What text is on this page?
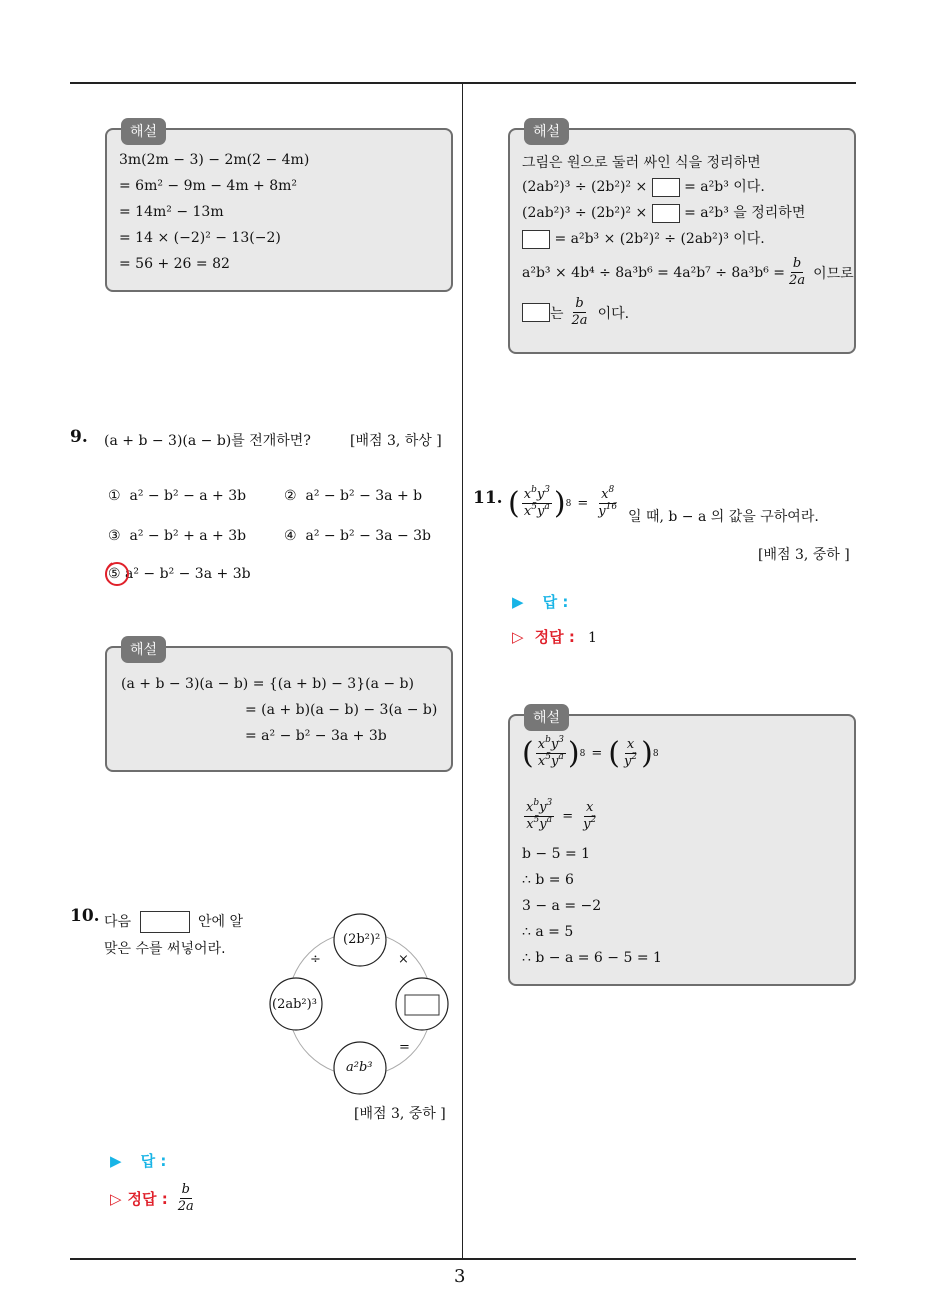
3
해설
3m(2m − 3) − 2m(2 − 4m)
= 6m² − 9m − 4m + 8m²
= 14m² − 13m
= 14 × (−2)² − 13(−2)
= 56 + 26 = 82
9. (a + b − 3)(a − b)를 전개하면?	[배점 3, 하상 ]
① a² − b² − a + 3b	② a² − b² − 3a + b
③ a² − b² + a + 3b	④ a² − b² − 3a − 3b
⑤ a² − b² − 3a + 3b
해설
(a + b − 3)(a − b) = {(a + b) − 3}(a − b)
= (a + b)(a − b) − 3(a − b)
= a² − b² − 3a + 3b
10. 다음	안에 알
맞은 수를 써넣어라.
(2b²)²
(2ab²)³
a²b³
÷	×
=
[배점 3, 중하 ]
▶ 답 :
▷ 정답 : $\frac{b}{2a}$
해설
그림은 원으로 둘러 싸인 식을 정리하면
(2ab²)³ ÷ (2b²)² ×	= a²b³ 이다.
(2ab²)³ ÷ (2b²)² ×	= a²b³ 을 정리하면
= a²b³ × (2b²)² ÷ (2ab²)³ 이다.
$a^2b^3 \times 4b^4 \div 8a^3b^6 = 4a^2b^7 \div 8a^3b^6 = \frac{b}{2a}$ 이므로
는 $\frac{b}{2a}$ 이다.
11. ( $\frac{x^by^3}{x^5y^a}$ ) $8 = \frac{x^8}{y^{16}}$ 일 때, b − a 의 값을 구하여라.
[배점 3, 중하 ]
▶ 답 :
▷ 정답 : 1
해설
( $\frac{x^by^3}{x^5y^a}$ ) 8 = ( $\frac{x}{y^2}$ ) 8
$\frac{x^by^3}{x^5y^a} = \frac{x}{y^2}$
b − 5 = 1
∴ b = 6
3 − a = −2
∴ a = 5
∴ b − a = 6 − 5 = 1
